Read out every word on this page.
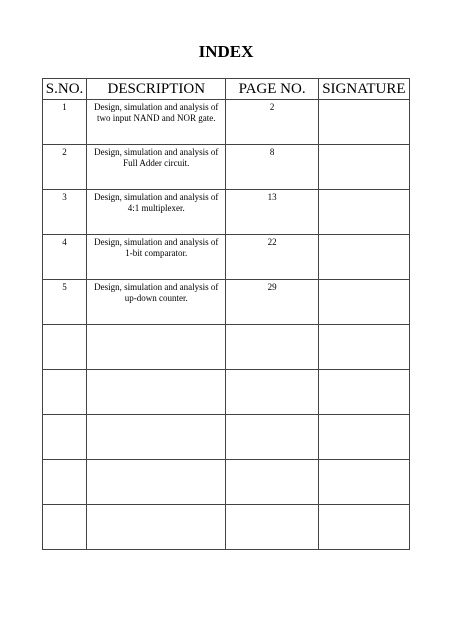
INDEX
S.NO.	DESCRIPTION	PAGE NO.	SIGNATURE
1	Design, simulation and analysis of two input NAND and NOR gate.	2	
2	Design, simulation and analysis of Full Adder circuit.	8	
3	Design, simulation and analysis of 4:1 multiplexer.	13	
4	Design, simulation and analysis of 1-bit comparator.	22	
5	Design, simulation and analysis of up-down counter.	29	
